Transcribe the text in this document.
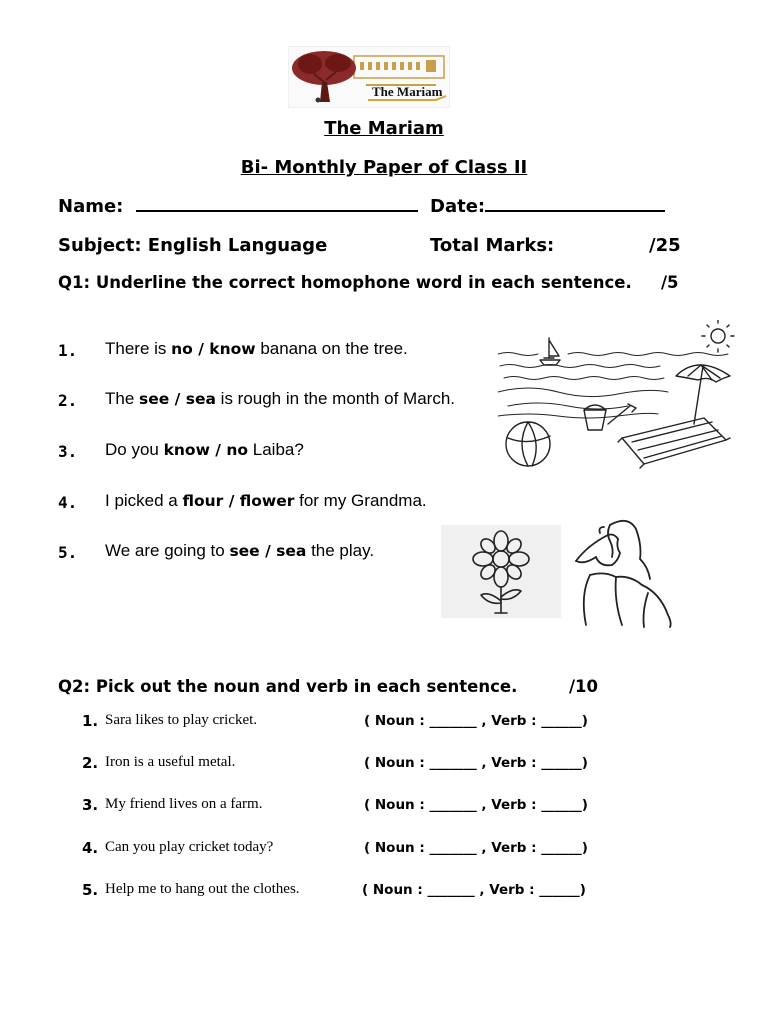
The Mariam
The Mariam
Bi- Monthly Paper of Class II
Name:	Date:
Subject: English Language	Total Marks:	/25
Q1: Underline the correct homophone word in each sentence. /5
1. There is no / know banana on the tree.
2. The see / sea is rough in the month of March.
3. Do you know / no Laiba?
4. I picked a flour / flower for my Grandma.
5. We are going to see / sea the play.
Q2: Pick out the noun and verb in each sentence.	/10
1. Sara likes to play cricket.	( Noun : _______ , Verb : ______)
2. Iron is a useful metal.	( Noun : _______ , Verb : ______)
3. My friend lives on a farm.	( Noun : _______ , Verb : ______)
4. Can you play cricket today?	( Noun : _______ , Verb : ______)
5. Help me to hang out the clothes.	( Noun : _______ , Verb : ______)
